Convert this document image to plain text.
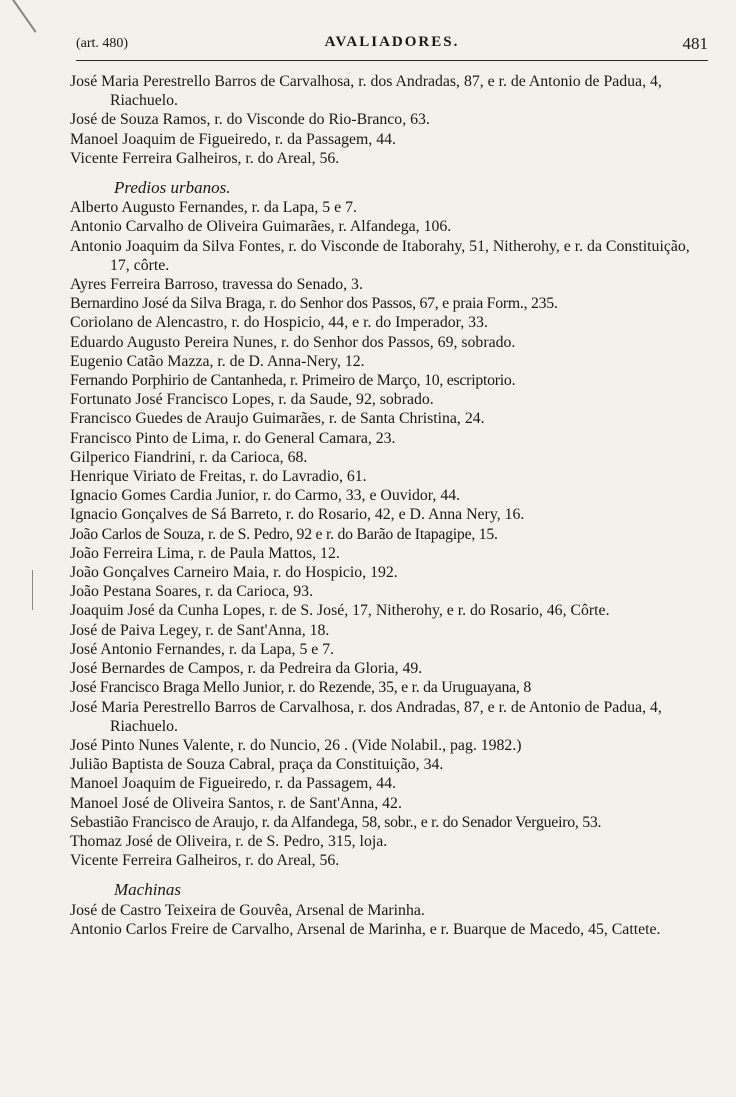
(art. 480)	AVALIADORES.	481

José Maria Perestrello Barros de Carvalhosa, r. dos Andradas, 87, e r. de Antonio de Padua, 4, Riachuelo.

José de Souza Ramos, r. do Visconde do Rio-Branco, 63.

Manoel Joaquim de Figueiredo, r. da Passagem, 44.

Vicente Ferreira Galheiros, r. do Areal, 56.

Predios urbanos.

Alberto Augusto Fernandes, r. da Lapa, 5 e 7.

Antonio Carvalho de Oliveira Guimarães, r. Alfandega, 106.

Antonio Joaquim da Silva Fontes, r. do Visconde de Itaborahy, 51, Nitherohy, e r. da Constituição, 17, côrte.

Ayres Ferreira Barroso, travessa do Senado, 3.

Bernardino José da Silva Braga, r. do Senhor dos Passos, 67, e praia Form., 235.

Coriolano de Alencastro, r. do Hospicio, 44, e r. do Imperador, 33.

Eduardo Augusto Pereira Nunes, r. do Senhor dos Passos, 69, sobrado.

Eugenio Catão Mazza, r. de D. Anna-Nery, 12.

Fernando Porphirio de Cantanheda, r. Primeiro de Março, 10, escriptorio.

Fortunato José Francisco Lopes, r. da Saude, 92, sobrado.

Francisco Guedes de Araujo Guimarães, r. de Santa Christina, 24.

Francisco Pinto de Lima, r. do General Camara, 23.

Gilperico Fiandrini, r. da Carioca, 68.

Henrique Viriato de Freitas, r. do Lavradio, 61.

Ignacio Gomes Cardia Junior, r. do Carmo, 33, e Ouvidor, 44.

Ignacio Gonçalves de Sá Barreto, r. do Rosario, 42, e D. Anna Nery, 16.

João Carlos de Souza, r. de S. Pedro, 92 e r. do Barão de Itapagipe, 15.

João Ferreira Lima, r. de Paula Mattos, 12.

João Gonçalves Carneiro Maia, r. do Hospicio, 192.

João Pestana Soares, r. da Carioca, 93.

Joaquim José da Cunha Lopes, r. de S. José, 17, Nitherohy, e r. do Rosario, 46, Côrte.

José de Paiva Legey, r. de Sant'Anna, 18.

José Antonio Fernandes, r. da Lapa, 5 e 7.

José Bernardes de Campos, r. da Pedreira da Gloria, 49.

José Francisco Braga Mello Junior, r. do Rezende, 35, e r. da Uruguayana, 8

José Maria Perestrello Barros de Carvalhosa, r. dos Andradas, 87, e r. de Antonio de Padua, 4, Riachuelo.

José Pinto Nunes Valente, r. do Nuncio, 26 . (Vide Nolabil., pag. 1982.)

Julião Baptista de Souza Cabral, praça da Constituição, 34.

Manoel Joaquim de Figueiredo, r. da Passagem, 44.

Manoel José de Oliveira Santos, r. de Sant'Anna, 42.

Sebastião Francisco de Araujo, r. da Alfandega, 58, sobr., e r. do Senador Vergueiro, 53.

Thomaz José de Oliveira, r. de S. Pedro, 315, loja.

Vicente Ferreira Galheiros, r. do Areal, 56.

Machinas

José de Castro Teixeira de Gouvêa, Arsenal de Marinha.

Antonio Carlos Freire de Carvalho, Arsenal de Marinha, e r. Buarque de Macedo, 45, Cattete.
